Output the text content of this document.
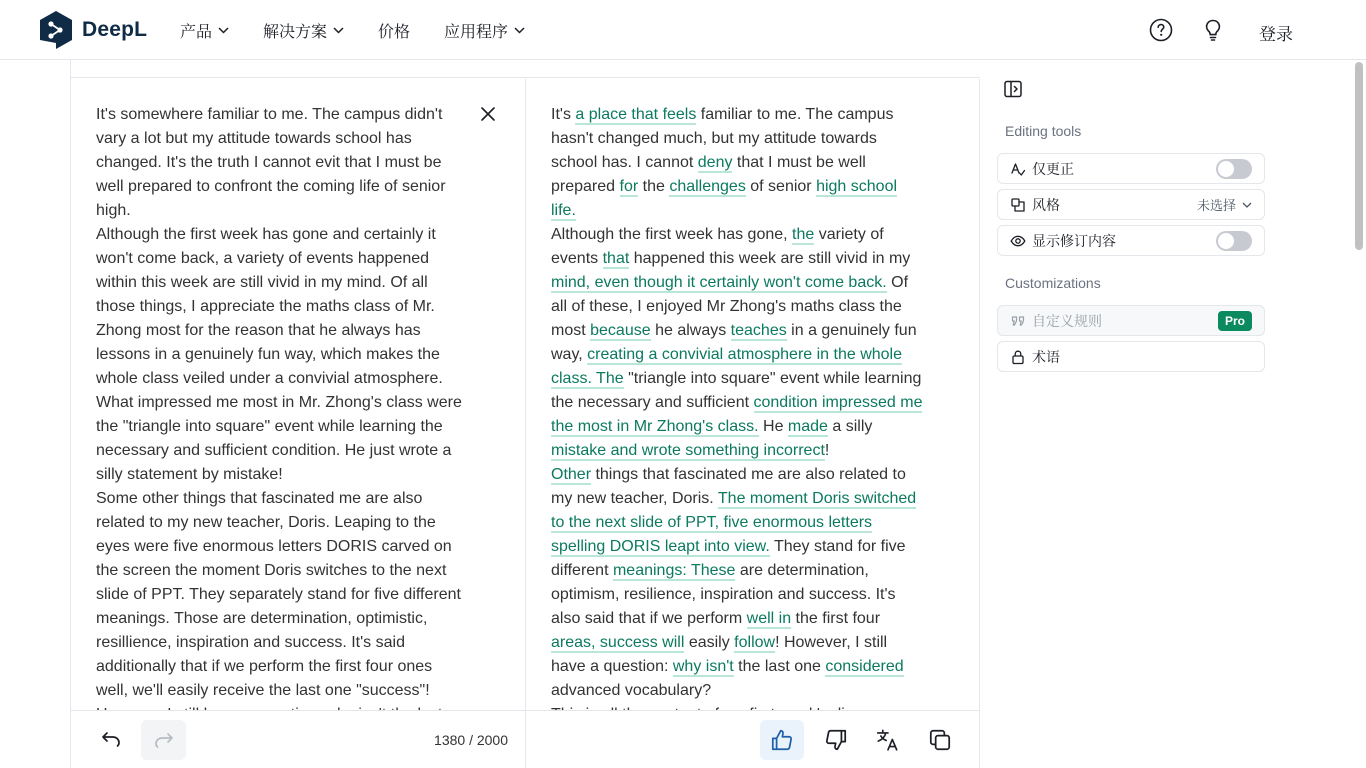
DeepL 产品	解决方案	价格 应用程序	登录

It's somewhere familiar to me. The campus didn't vary a lot but my attitude towards school has changed. It's the truth I cannot evit that I must be well prepared to confront the coming life of senior high.

Although the first week has gone and certainly it won't come back, a variety of events happened within this week are still vivid in my mind. Of all those things, I appreciate the maths class of Mr. Zhong most for the reason that he always has lessons in a genuinely fun way, which makes the whole class veiled under a convivial atmosphere. What impressed me most in Mr. Zhong's class were the "triangle into square" event while learning the necessary and sufficient condition. He just wrote a silly statement by mistake!

Some other things that fascinated me are also related to my new teacher, Doris. Leaping to the eyes were five enormous letters DORIS carved on the screen the moment Doris switches to the next slide of PPT. They separately stand for five different meanings. Those are determination, optimistic, resillience, inspiration and success. It's said additionally that if we perform the first four ones well, we'll easily receive the last one "success"!

1380 / 2000

It's a place that feels familiar to me. The campus hasn't changed much, but my attitude towards school has. I cannot deny that I must be well prepared for the challenges of senior high school life.

Although the first week has gone, the variety of events that happened this week are still vivid in my mind, even though it certainly won't come back. Of all of these, I enjoyed Mr Zhong's maths class the most because he always teaches in a genuinely fun way, creating a convivial atmosphere in the whole class. The "triangle into square" event while learning the necessary and sufficient condition impressed me the most in Mr Zhong's class. He made a silly mistake and wrote something incorrect!

Other things that fascinated me are also related to my new teacher, Doris. The moment Doris switched to the next slide of PPT, five enormous letters spelling DORIS leapt into view. They stand for five different meanings: These are determination, optimism, resilience, inspiration and success. It's also said that if we perform well in the first four areas, success will easily follow! However, I still have a question: why isn't the last one considered advanced vocabulary?

Editing tools
仅更正
风格	未选择
显示修订内容
Customizations
自定义规则	Pro
术语
